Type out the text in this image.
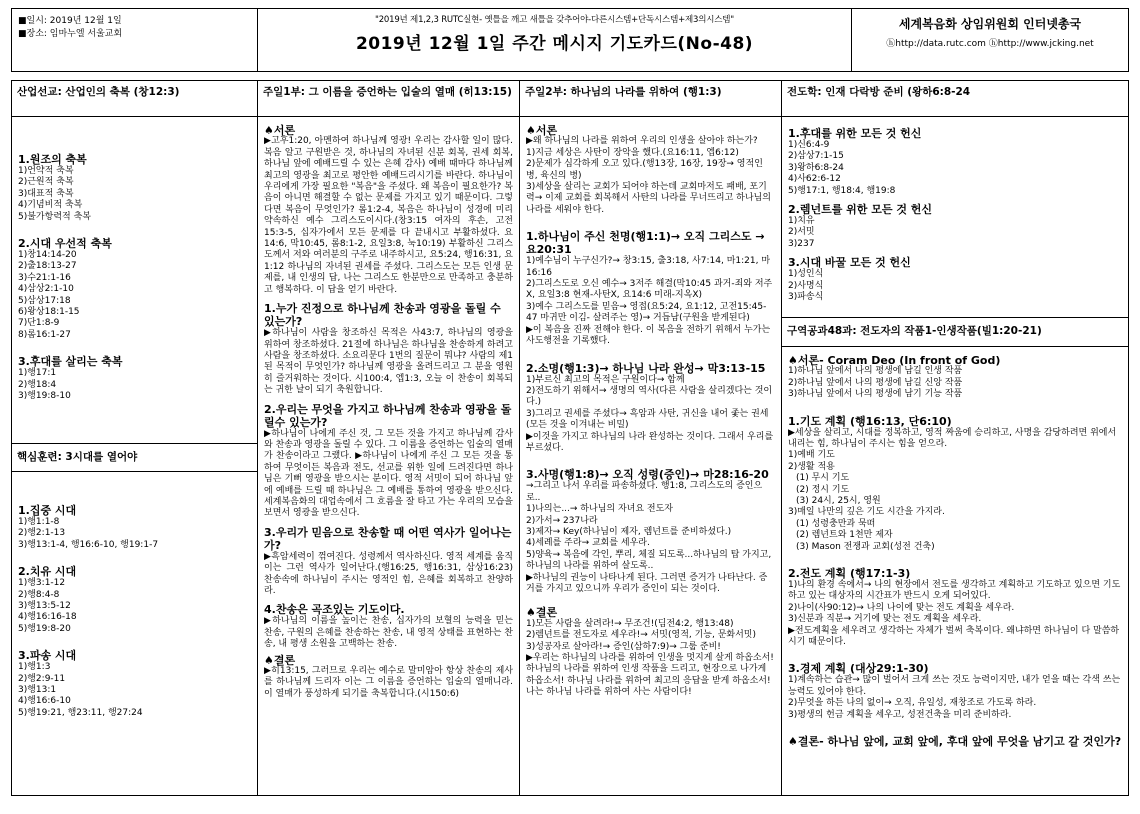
■일시: 2019년 12월 1일
■장소: 임마누엘 서울교회
"2019년 제1,2,3 RUTC실현- 옛틀을 깨고 새틀을 갖추어야-다른시스템+단독시스템+제3의시스템"
2019년 12월 1일 주간 메시지 기도카드(No-48)
세계복음화 상임위원회 인터넷총국
ⓗhttp://data.rutc.com ⓗhttp://www.jcking.net
산업선교: 산업인의 축복 (창12:3)
1.원조의 축복
1)언약적 축복
2)근원적 축복
3)대표적 축복
4)기념비적 축복
5)불가항력적 축복
2.시대 우선적 축복
1)창14:14-20
2)출18:13-27
3)수21:1-16
4)삼상2:1-10
5)삼상17:18
6)왕상18:1-15
7)단1:8-9
8)롬16:1-27
3.후대를 살리는 축복
1)행17:1
2)행18:4
3)행19:8-10
핵심훈련: 3시대를 열어야
1.집중 시대
1)행1:1-8
2)행2:1-13
3)행13:1-4, 행16:6-10, 행19:1-7
2.치유 시대
1)행3:1-12
2)행8:4-8
3)행13:5-12
4)행16:16-18
5)행19:8-20
3.파송 시대
1)행1:3
2)행2:9-11
3)행13:1
4)행16:6-10
5)행19:21, 행23:11, 행27:24
주일1부: 그 이름을 증언하는 입술의 열매 (히13:15)
♠서론
▶고후1:20, 아멘하여 하나님께 영광! 우리는 감사할 일이 많다.복음 알고 구원받은 것, 하나님의 자녀된 신분 회복, 권세 회복, 하나님 앞에 예배드릴 수 있는 은혜 감사) 예배 때마다 하나님께 최고의 영광을 최고로 평안한 예배드리시기를 바란다. 하나님이 우리에게 가장 필요한 "복음"을 주셨다. 왜 복음이 필요한가? 복음이 아니면 해결할 수 없는 문제를 가지고 있기 때문이다. 그렇다면 복음이 무엇인가? 롬1:2-4, 복음은 하나님이 성경에 미리 약속하신 예수 그리스도이시다.(창3:15 여자의 후손, 고전15:3-5, 십자가에서 모든 문제를 다 끝내시고 부활하셨다. 요14:6, 막10:45, 롬8:1-2, 요일3:8, 눅10:19) 부활하신 그리스도께서 저와 여러분의 구주로 내주하시고, 요5:24, 행16:31, 요1:12 하나님의 자녀된 권세를 주셨다. 그리스도는 모든 인생 문제를, 내 인생의 답, 나는 그리스도 한분만으로 만족하고 충분하고 행복하다. 이 답을 얻기 바란다.
1.누가 진정으로 하나님께 찬송과 영광을 돌릴 수 있는가?
▶하나님이 사람을 창조하신 목적은 사43:7, 하나님의 영광을 위하여 창조하셨다. 21절에 하나님은 하나님을 찬송하게 하려고 사람을 창조하셨다. 소요리문다 1번의 질문이 뭐냐? 사람의 제1된 목적이 무엇인가? 하나님께 영광을 올려드리고 그 분을 영원히 즐거워하는 것이다. 시100:4, 엡1:3, 오늘 이 찬송이 회복되는 귀한 날이 되기 축원합니다.
2.우리는 무엇을 가지고 하나님께 찬송과 영광을 돌릴수 있는가?
▶하나님이 나에게 주신 것, 그 모든 것을 가지고 하나님께 감사와 찬송과 영광을 돌릴 수 있다. 그 이름을 증언하는 입술의 열매가 찬송이라고 그랬다. ▶하나님이 나에게 주신 그 모든 것을 통하여 무엇이든 복음과 전도, 선교를 위한 일에 드려진다면 하나님은 기뻐 영광을 받으시는 분이다. 영적 서밋이 되어 하나님 앞에 예배를 드릴 때 하나님은 그 예배를 통하여 영광을 받으신다. 세계복음화의 대업속에서 그 흐름을 잘 타고 가는 우리의 모습을 보면서 영광을 받으신다.
3.우리가 믿음으로 찬송할 때 어떤 역사가 일어나는가?
▶흑암세력이 꺾여진다. 성령께서 역사하신다. 영적 세계를 움직이는 그런 역사가 일어난다.(행16:25, 행16:31, 삼상16:23) 찬송속에 하나님이 주시는 영적인 힘, 은혜를 회복하고 찬양하라.
4.찬송은 곡조있는 기도이다.
▶하나님의 이름을 높이는 찬송, 십자가의 보혈의 능력을 믿는 찬송, 구원의 은혜를 찬송하는 찬송, 내 영적 상태를 표현하는 찬송, 내 평생 소원을 고백하는 찬송.
♠결론
▶히13:15, 그러므로 우리는 예수로 말미암아 항상 찬송의 제사를 하나님께 드리자 이는 그 이름을 증언하는 입술의 열매니라. 이 열매가 풍성하게 되기를 축복합니다.(시150:6)
주일2부: 하나님의 나라를 위하여 (행1:3)
♠서론
▶왜 하나님의 나라를 위하여 우리의 인생을 살아야 하는가?
1)지금 세상은 사탄이 장악을 했다.(요16:11, 엡6:12)
2)문제가 심각하게 오고 있다.(행13장, 16장, 19장→ 영적인 병, 육신의 병)
3)세상을 살리는 교회가 되어야 하는데 교회마저도 패배, 포기력→ 이제 교회를 회복해서 사탄의 나라를 무너뜨리고 하나님의 나라를 세워야 한다.
1.하나님이 주신 천명(행1:1)→ 오직 그리스도 → 요20:31
1)예수님이 누구신가?→ 창3:15, 출3:18, 사7:14, 마1:21, 마16:16
2)그리스도로 오신 예수→ 3저주 해결(막10:45 과거-죄와 저주X, 요일3:8 현재-사탄X, 요14:6 미래-지옥X)
3)예수 그리스도를 믿음→ 영접(요5:24, 요1:12, 고전15:45-47 마귀만 이김- 살려주는 영)→ 거듭남(구원을 받게된다)
▶이 복음을 진짜 전해야 한다. 이 복음을 전하기 위해서 누가는 사도행전을 기록했다.
2.소명(행1:3)→ 하나님 나라 완성→ 막3:13-15
1)부르신 최고의 목적은 구원이다→ 함께
2)전도하기 위해서→ 생명의 역사(다른 사람을 살리겠다는 것이다.)
3)그리고 권세를 주셨다→ 흑암과 사탄, 귀신을 내어 좇는 권세(모든 것을 이겨내는 비밀)
▶이것을 가지고 하나님의 나라 완성하는 것이다. 그래서 우리를 부르셨다.
3.사명(행1:8)→ 오직 성령(증인)→ 마28:16-20
→그리고 나서 우리를 파송하셨다. 행1:8, 그리스도의 증인으로..
1)나의는...→ 하나님의 자녀요 전도자
2)가서→ 237나라
3)제자→ Key(하나님이 제자, 렘넌트를 준비하셨다.)
4)세례를 주라→ 교회를 세우라.
5)양육→ 복음에 각인, 뿌리, 체질 되도록...하나님의 탑 가지고, 하나님의 나라를 위하여 살도록..
▶하나님의 권능이 나타나게 된다. 그러면 증거가 나타난다. 증거를 가지고 있으니까 우리가 증인이 되는 것이다.
♠결론
1)모든 사람을 살려라!→ 무조건!(딤전4:2, 행13:48)
2)렘넌트를 전도자로 세우라!→ 서밋(영적, 기능, 문화서밋)
3)성공자로 살아라!→ 증인(삼하7:9)→ 그룹 준비!
▶우리는 하나님의 나라를 위하여 인생을 멋지게 살게 하옵소서! 하나님의 나라를 위하여 인생 작품을 드리고, 현장으로 나가게 하옵소서! 하나님 나라를 위하여 최고의 응답을 받게 하옵소서! 나는 하나님 나라를 위하여 사는 사람이다!
전도학: 인재 다락방 준비 (왕하6:8-24
1.후대를 위한 모든 것 헌신
1)신6:4-9
2)삼상7:1-15
3)왕하6:8-24
4)사62:6-12
5)행17:1, 행18:4, 행19:8
2.렘넌트를 위한 모든 것 헌신
1)치유
2)서밋
3)237
3.시대 바꿀 모든 것 헌신
1)성인식
2)사명식
3)파송식
구역공과48과: 전도자의 작품1-인생작품(빌1:20-21)
♠서론- Coram Deo (In front of God)
1)하나님 앞에서 나의 평생에 남길 인생 작품
2)하나님 앞에서 나의 평생에 남길 신앙 작품
3)하나님 앞에서 나의 평생에 남기 기능 작품
1.기도 계획 (행16:13, 단6:10)
▶세상을 살리고, 시대를 정복하고, 영적 짜움에 승리하고, 사명을 감당하려면 위에서 내리는 힘, 하나님이 주시는 힘을 얻으라.
1)예배 기도
2)생활 적용
(1) 무시 기도
(2) 정시 기도
(3) 24시, 25시, 영원
3)매일 나만의 깊은 기도 시간을 가지라.
(1) 성령충만과 묵떠
(2) 렘넌트와 1천만 제자
(3) Mason 전쟁과 교회(성전 건축)
2.전도 계획 (행17:1-3)
1)나의 환경 속에서→ 나의 현장에서 전도를 생각하고 계획하고 기도하고 있으면 기도하고 있는 대상자의 시간표가 반드시 오게 되어있다.
2)나이(사90:12)→ 나의 나이에 맞는 전도 계획을 세우라.
3)신분과 직분→ 거기에 맞는 전도 계획을 세우라.
▶전도계획을 세우려고 생각하는 자체가 벌써 축복이다. 왜냐하면 하나님이 다 말씀하시기 때문이다.
3.경제 계획 (대상29:1-30)
1)계속하는 습관→ 많이 벌어서 크게 쓰는 것도 능력이지만, 내가 얻을 때는 각색 쓰는 능력도 있어야 한다.
2)무엇을 하든 나의 없이→ 오직, 유일성, 재창조로 가도록 하라.
3)평생의 헌금 계획을 세우고, 성전건축을 미리 준비하라.
♠결론- 하나님 앞에, 교회 앞에, 후대 앞에 무엇을 남기고 갈 것인가?
